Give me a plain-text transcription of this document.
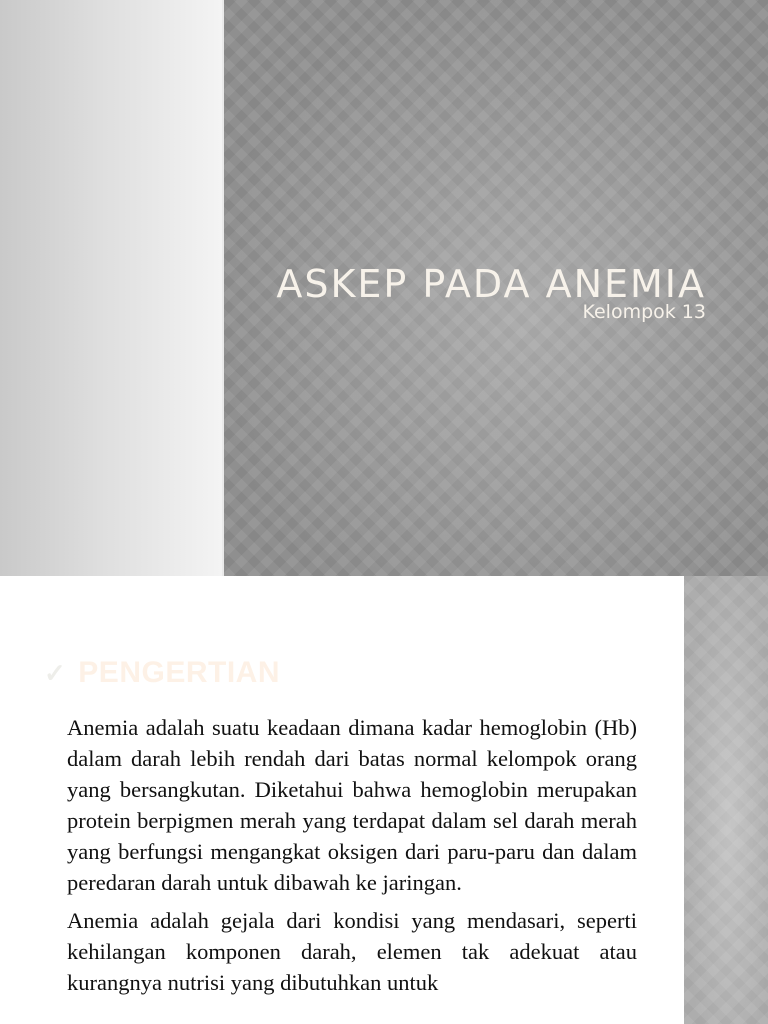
ASKEP PADA ANEMIA
Kelompok 13
✓ PENGERTIAN

Anemia adalah suatu keadaan dimana kadar hemoglobin (Hb) dalam darah lebih rendah dari batas normal kelompok orang yang bersangkutan. Diketahui bahwa hemoglobin merupakan protein berpigmen merah yang terdapat dalam sel darah merah yang berfungsi mengangkat oksigen dari paru-paru dan dalam peredaran darah untuk dibawah ke jaringan.

Anemia adalah gejala dari kondisi yang mendasari, seperti kehilangan komponen darah, elemen tak adekuat atau kurangnya nutrisi yang dibutuhkan untuk
